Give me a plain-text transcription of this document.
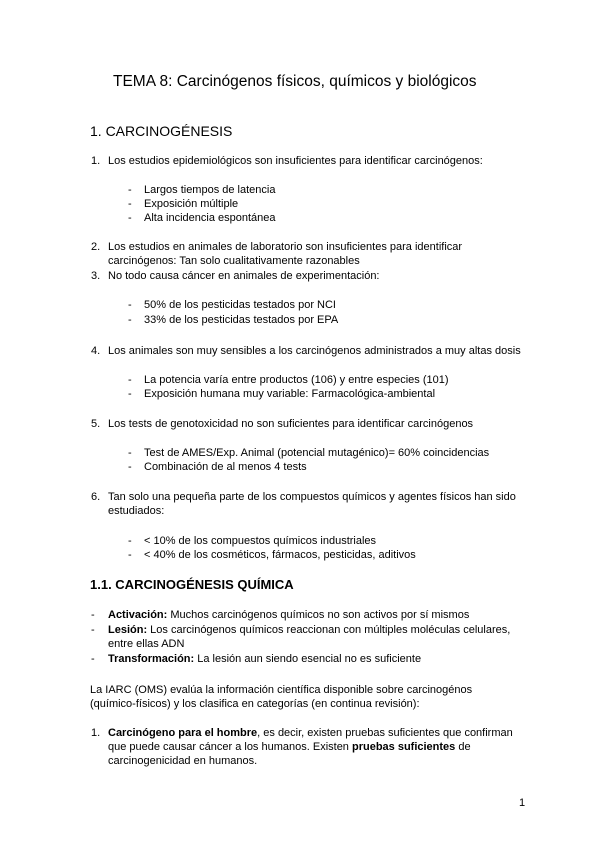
TEMA 8: Carcinógenos físicos, químicos y biológicos
1. CARCINOGÉNESIS
1. Los estudios epidemiológicos son insuficientes para identificar carcinógenos:
- Largos tiempos de latencia
- Exposición múltiple
- Alta incidencia espontánea
2. Los estudios en animales de laboratorio son insuficientes para identificar
carcinógenos: Tan solo cualitativamente razonables
3. No todo causa cáncer en animales de experimentación:
- 50% de los pesticidas testados por NCI
- 33% de los pesticidas testados por EPA
4. Los animales son muy sensibles a los carcinógenos administrados a muy altas dosis
- La potencia varía entre productos (106) y entre especies (101)
- Exposición humana muy variable: Farmacológica-ambiental
5. Los tests de genotoxicidad no son suficientes para identificar carcinógenos
- Test de AMES/Exp. Animal (potencial mutagénico)= 60% coincidencias
- Combinación de al menos 4 tests
6. Tan solo una pequeña parte de los compuestos químicos y agentes físicos han sido
estudiados:
- < 10% de los compuestos químicos industriales
- < 40% de los cosméticos, fármacos, pesticidas, aditivos
1.1. CARCINOGÉNESIS QUÍMICA
- Activación: Muchos carcinógenos químicos no son activos por sí mismos
- Lesión: Los carcinógenos químicos reaccionan con múltiples moléculas celulares,
entre ellas ADN
- Transformación: La lesión aun siendo esencial no es suficiente
La IARC (OMS) evalúa la información científica disponible sobre carcinogénos
(químico-físicos) y los clasifica en categorías (en continua revisión):
1. Carcinógeno para el hombre, es decir, existen pruebas suficientes que confirman
que puede causar cáncer a los humanos. Existen pruebas suficientes de
carcinogenicidad en humanos.
1
